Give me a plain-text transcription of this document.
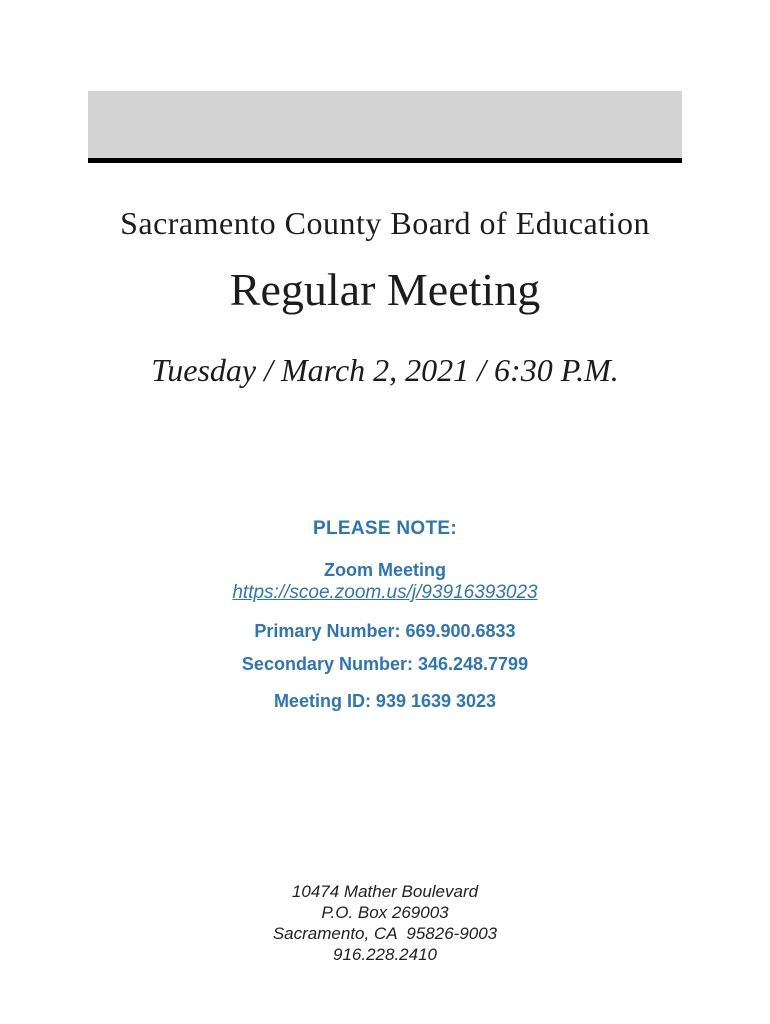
Sacramento County Board of Education
Regular Meeting
Tuesday / March 2, 2021 / 6:30 P.M.
PLEASE NOTE:
Zoom Meeting
https://scoe.zoom.us/j/93916393023
Primary Number: 669.900.6833
Secondary Number: 346.248.7799
Meeting ID: 939 1639 3023
10474 Mather Boulevard
P.O. Box 269003
Sacramento, CA  95826-9003
916.228.2410
